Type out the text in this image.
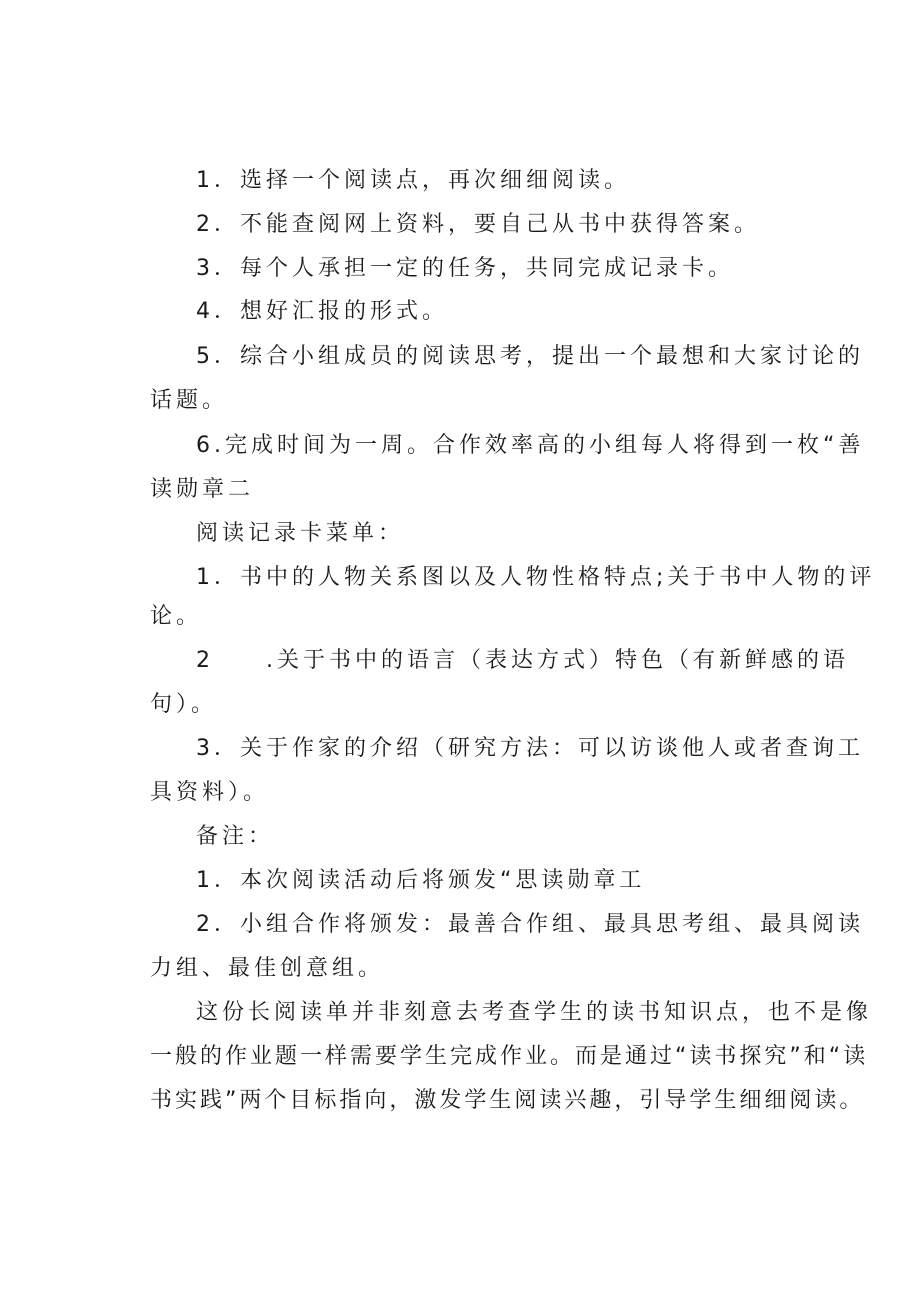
1．选择一个阅读点，再次细细阅读。
2．不能查阅网上资料，要自己从书中获得答案。
3．每个人承担一定的任务，共同完成记录卡。
4．想好汇报的形式。
5．综合小组成员的阅读思考，提出一个最想和大家讨论的
话题。
6.完成时间为一周。合作效率高的小组每人将得到一枚“善
读勋章二
阅读记录卡菜单：
1．书中的人物关系图以及人物性格特点;关于书中人物的评
论。
2　　.关于书中的语言（表达方式）特色（有新鲜感的语
句）。
3．关于作家的介绍（研究方法：可以访谈他人或者查询工
具资料）。
备注：
1．本次阅读活动后将颁发“思读勋章工
2．小组合作将颁发：最善合作组、最具思考组、最具阅读
力组、最佳创意组。
这份长阅读单并非刻意去考查学生的读书知识点，也不是像
一般的作业题一样需要学生完成作业。而是通过“读书探究”和“读
书实践”两个目标指向，激发学生阅读兴趣，引导学生细细阅读。
